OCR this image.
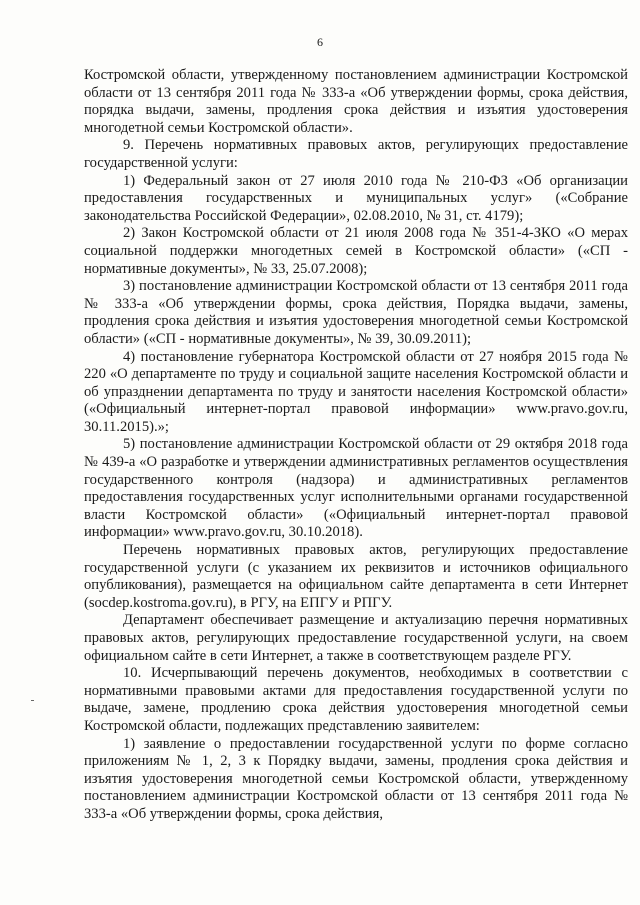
6

Костромской области, утвержденному постановлением администрации Костромской области от 13 сентября 2011 года № 333-а «Об утверждении формы, срока действия, порядка выдачи, замены, продления срока действия и изъятия удостоверения многодетной семьи Костромской области».

9. Перечень нормативных правовых актов, регулирующих предоставление государственной услуги:

1) Федеральный закон от 27 июля 2010 года № 210-ФЗ «Об организации предоставления государственных и муниципальных услуг» («Собрание законодательства Российской Федерации», 02.08.2010, № 31, ст. 4179);

2) Закон Костромской области от 21 июля 2008 года № 351-4-ЗКО «О мерах социальной поддержки многодетных семей в Костромской области» («СП - нормативные документы», № 33, 25.07.2008);

3) постановление администрации Костромской области от 13 сентября 2011 года № 333-а «Об утверждении формы, срока действия, Порядка выдачи, замены, продления срока действия и изъятия удостоверения многодетной семьи Костромской области» («СП - нормативные документы», № 39, 30.09.2011);

4) постановление губернатора Костромской области от 27 ноября 2015 года № 220 «О департаменте по труду и социальной защите населения Костромской области и об упразднении департамента по труду и занятости населения Костромской области» («Официальный интернет-портал правовой информации» www.pravo.gov.ru, 30.11.2015).»;

5) постановление администрации Костромской области от 29 октября 2018 года № 439-а «О разработке и утверждении административных регламентов осуществления государственного контроля (надзора) и административных регламентов предоставления государственных услуг исполнительными органами государственной власти Костромской области» («Официальный интернет-портал правовой информации» www.pravo.gov.ru, 30.10.2018).

Перечень нормативных правовых актов, регулирующих предоставление государственной услуги (с указанием их реквизитов и источников официального опубликования), размещается на официальном сайте департамента в сети Интернет (socdep.kostroma.gov.ru), в РГУ, на ЕПГУ и РПГУ.

Департамент обеспечивает размещение и актуализацию перечня нормативных правовых актов, регулирующих предоставление государственной услуги, на своем официальном сайте в сети Интернет, а также в соответствующем разделе РГУ.

10. Исчерпывающий перечень документов, необходимых в соответствии с нормативными правовыми актами для предоставления государственной услуги по выдаче, замене, продлению срока действия удостоверения многодетной семьи Костромской области, подлежащих представлению заявителем:

1) заявление о предоставлении государственной услуги по форме согласно приложениям № 1, 2, 3 к Порядку выдачи, замены, продления срока действия и изъятия удостоверения многодетной семьи Костромской области, утвержденному постановлением администрации Костромской области от 13 сентября 2011 года № 333-а «Об утверждении формы, срока действия,
